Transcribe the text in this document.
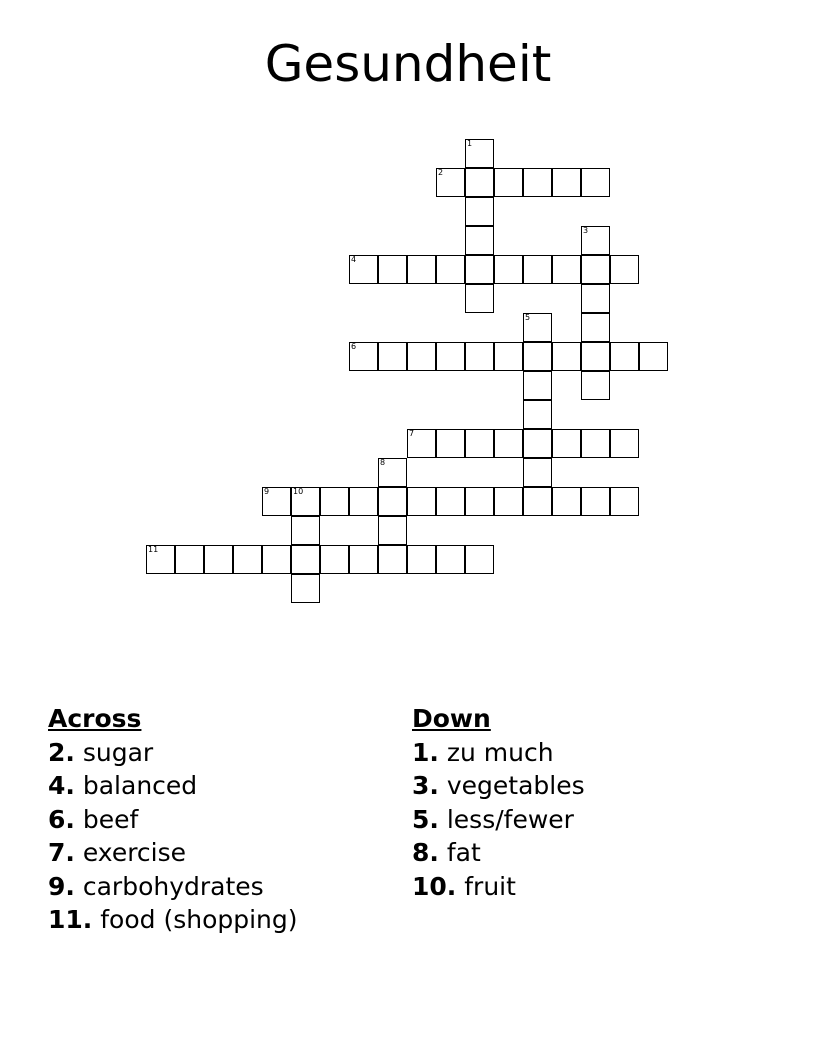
Gesundheit
1
2
3
4
5
6
7
8
9	10
11
Across
2. sugar
4. balanced
6. beef
7. exercise
9. carbohydrates
11. food (shopping)
Down
1. zu much
3. vegetables
5. less/fewer
8. fat
10. fruit
